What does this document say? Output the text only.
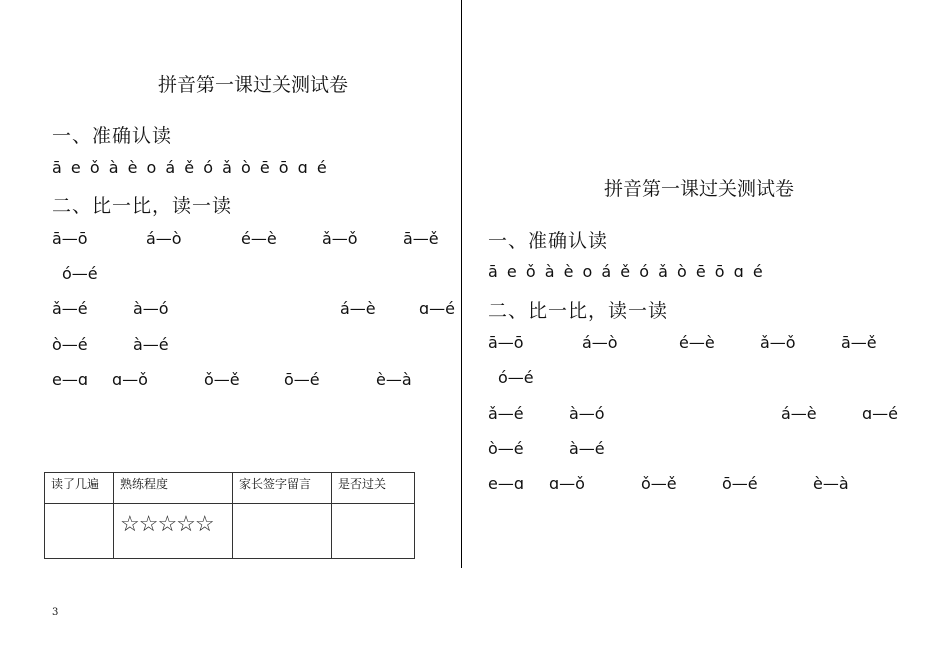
拼音第一课过关测试卷
一、准确认读
ā e ǒ à è o á ě ó ǎ ò ē ō ɑ é
二、比一比，读一读
ā—ō	á—ò	é—è	ǎ—ǒ	ā—ě
ó—é
ǎ—é	à—ó	á—è	ɑ—é
ò—é	à—é
e—ɑ ɑ—ǒ	ǒ—ě	ō—é	è—à
读了几遍	熟练程度	家长签字留言	是否过关
	☆☆☆☆☆		
3
拼音第一课过关测试卷
一、准确认读
ā e ǒ à è o á ě ó ǎ ò ē ō ɑ é
二、比一比，读一读
ā—ō	á—ò	é—è	ǎ—ǒ	ā—ě
ó—é
ǎ—é	à—ó	á—è	ɑ—é
ò—é	à—é
e—ɑ ɑ—ǒ	ǒ—ě	ō—é	è—à
